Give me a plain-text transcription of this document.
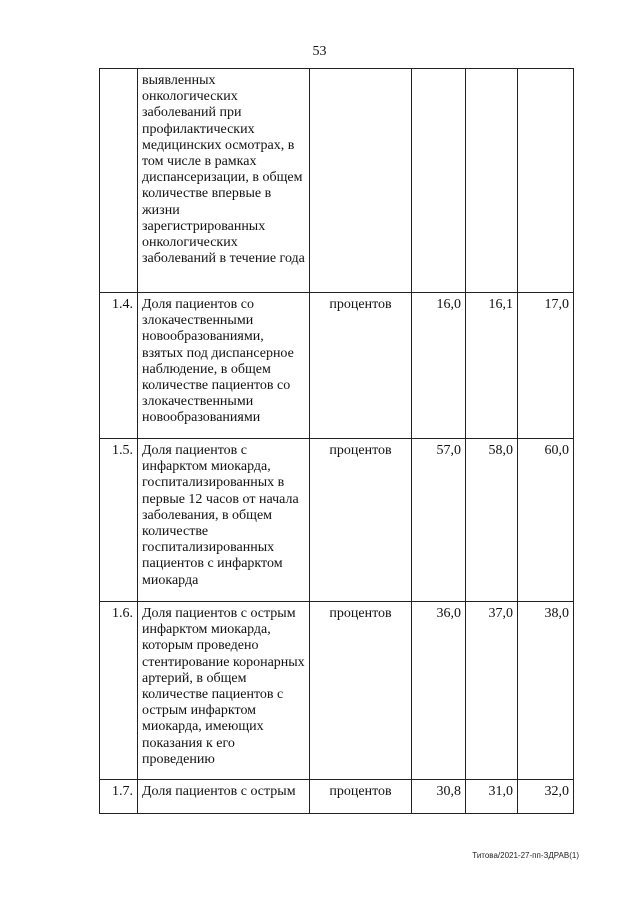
53
	выявленных онкологических заболеваний при профилактических медицинских осмотрах, в том числе в рамках диспансеризации, в общем количестве впервые в жизни зарегистрированных онкологических заболеваний в течение года				
1.4.	Доля пациентов со злокачественными новообразованиями, взятых под диспансерное наблюдение, в общем количестве пациентов со злокачественными новообразованиями	процентов	16,0	16,1	17,0
1.5.	Доля пациентов с инфарктом миокарда, госпитализированных в первые 12 часов от начала заболевания, в общем количестве госпитализированных пациентов с инфарктом миокарда	процентов	57,0	58,0	60,0
1.6.	Доля пациентов с острым инфарктом миокарда, которым проведено стентирование коронарных артерий, в общем количестве пациентов с острым инфарктом миокарда, имеющих показания к его проведению	процентов	36,0	37,0	38,0
1.7.	Доля пациентов с острым	процентов	30,8	31,0	32,0
Титова/2021-27-пп-ЗДРАВ(1)
